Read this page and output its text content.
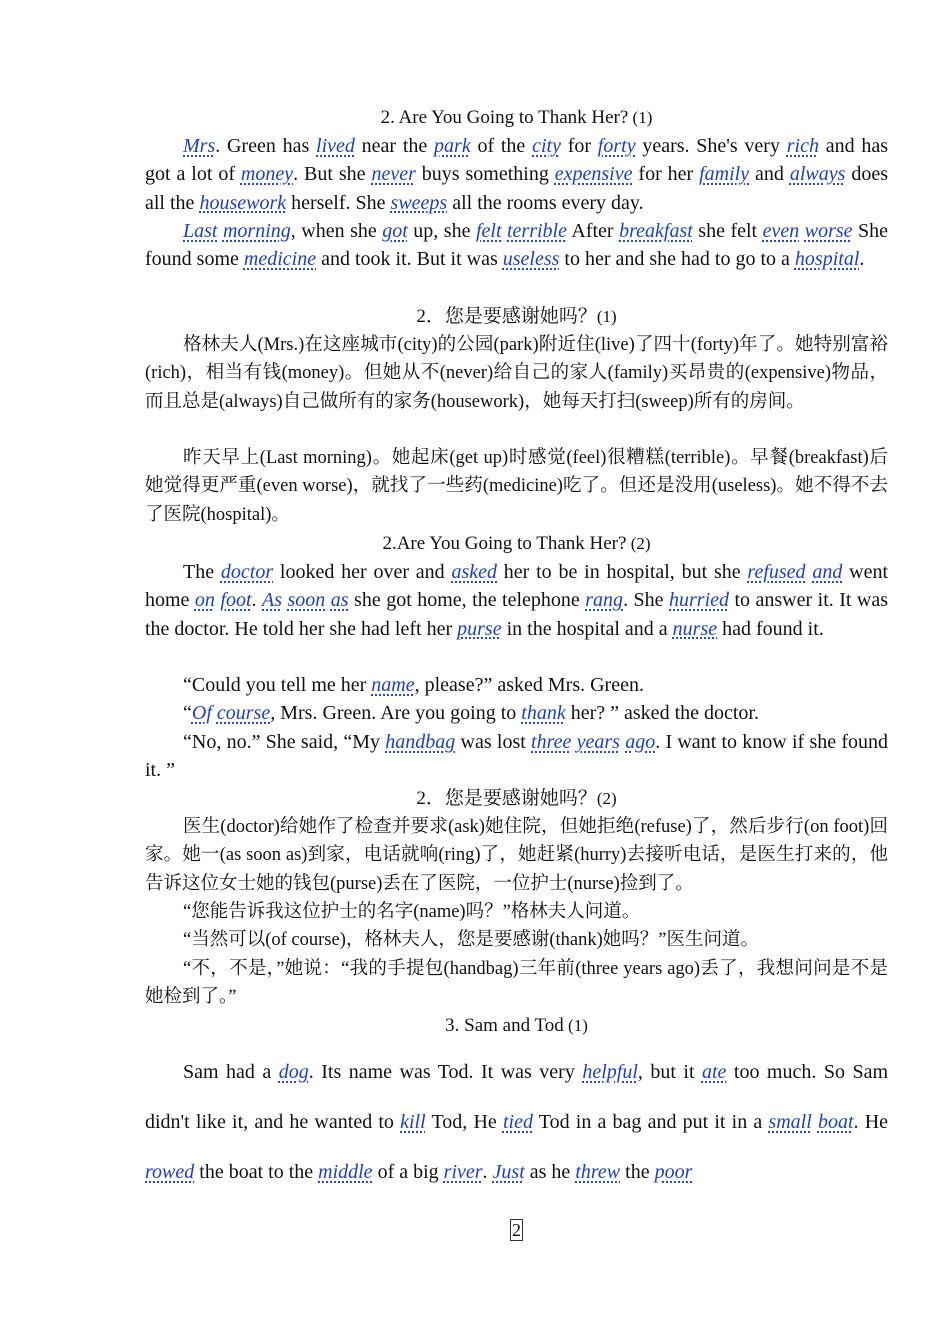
2. Are You Going to Thank Her? (1)

Mrs. Green has lived near the park of the city for forty years. She's very rich and has got a lot of money. But she never buys something expensive for her family and always does all the housework herself. She sweeps all the rooms every day.

Last morning, when she got up, she felt terrible After breakfast she felt even worse She found some medicine and took it. But it was useless to her and she had to go to a hospital.

2．您是要感谢她吗？(1)

格林夫人(Mrs.)在这座城市(city)的公园(park)附近住(live)了四十(forty)年了。她特别富裕(rich)，相当有钱(money)。但她从不(never)给自己的家人(family)买昂贵的(expensive)物品，而且总是(always)自己做所有的家务(housework)，她每天打扫(sweep)所有的房间。

昨天早上(Last morning)。她起床(get up)时感觉(feel)很糟糕(terrible)。早餐(breakfast)后她觉得更严重(even worse)，就找了一些药(medicine)吃了。但还是没用(useless)。她不得不去了医院(hospital)。

2.Are You Going to Thank Her? (2)

The doctor looked her over and asked her to be in hospital, but she refused and went home on foot. As soon as she got home, the telephone rang. She hurried to answer it. It was the doctor. He told her she had left her purse in the hospital and a nurse had found it.

“Could you tell me her name, please?” asked Mrs. Green.

“Of course, Mrs. Green. Are you going to thank her? ” asked the doctor.

“No, no.” She said, “My handbag was lost three years ago. I want to know if she found it. ”

2．您是要感谢她吗？(2)

医生(doctor)给她作了检查并要求(ask)她住院，但她拒绝(refuse)了，然后步行(on foot)回家。她一(as soon as)到家，电话就响(ring)了，她赶紧(hurry)去接听电话，是医生打来的，他告诉这位女士她的钱包(purse)丢在了医院，一位护士(nurse)捡到了。

“您能告诉我这位护士的名字(name)吗？”格林夫人问道。

“当然可以(of course)，格林夫人，您是要感谢(thank)她吗？”医生问道。

“不，不是，”她说：“我的手提包(handbag)三年前(three years ago)丢了，我想问问是不是她检到了。”

3. Sam and Tod (1)

Sam had a dog. Its name was Tod. It was very helpful, but it ate too much. So Sam didn't like it, and he wanted to kill Tod, He tied Tod in a bag and put it in a small boat. He rowed the boat to the middle of a big river. Just as he threw the poor

2
